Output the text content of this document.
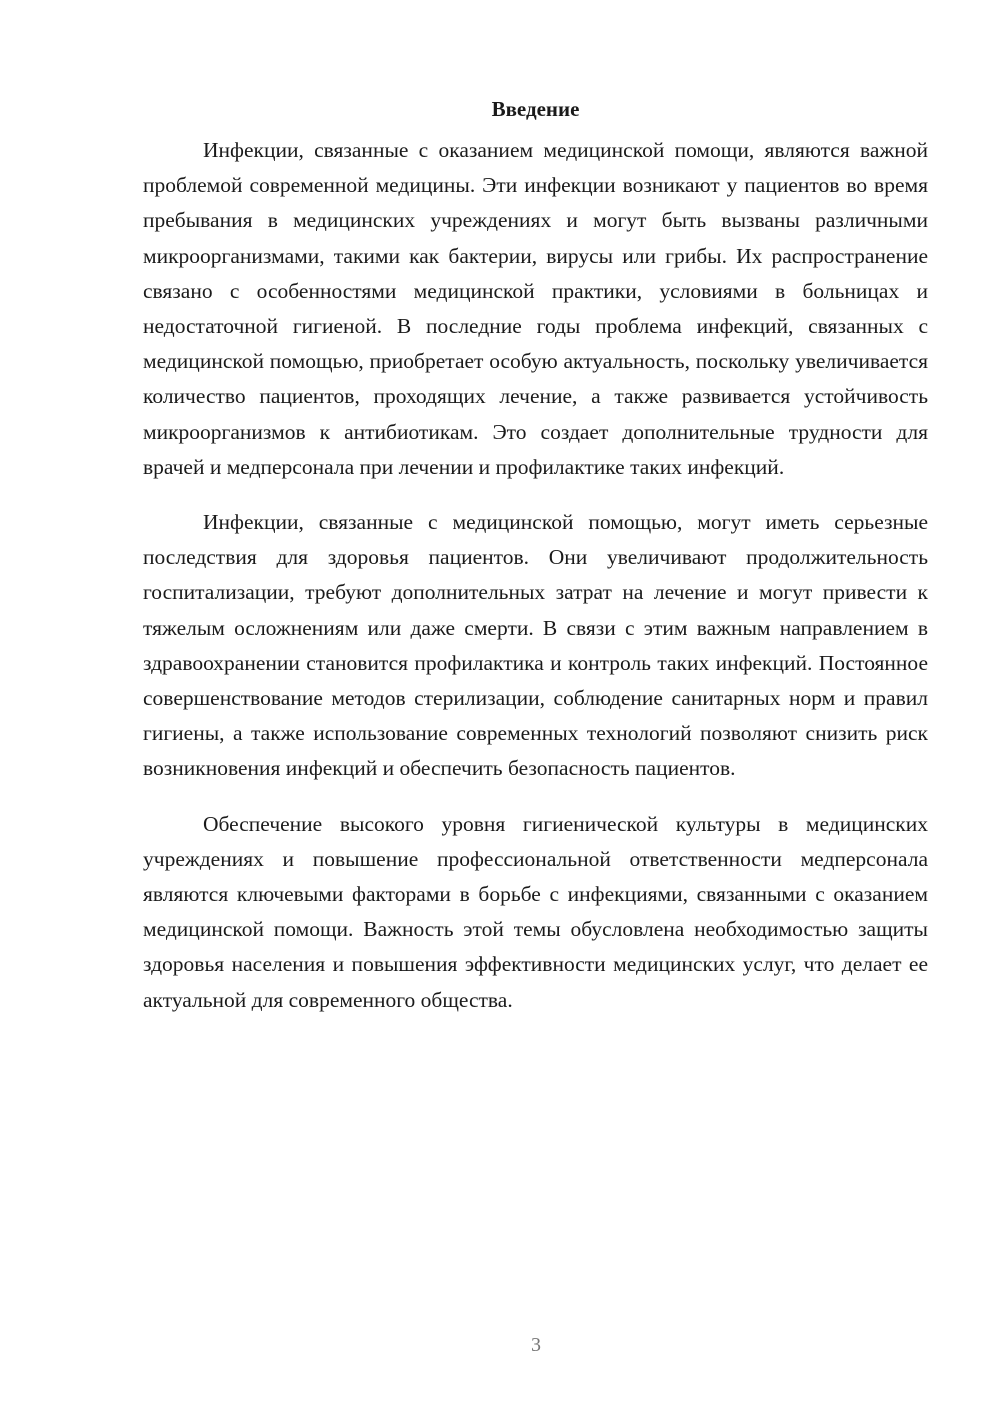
Введение

Инфекции, связанные с оказанием медицинской помощи, являются важной проблемой современной медицины. Эти инфекции возникают у пациентов во время пребывания в медицинских учреждениях и могут быть вызваны различными микроорганизмами, такими как бактерии, вирусы или грибы. Их распространение связано с особенностями медицинской практики, условиями в больницах и недостаточной гигиеной. В последние годы проблема инфекций, связанных с медицинской помощью, приобретает особую актуальность, поскольку увеличивается количество пациентов, проходящих лечение, а также развивается устойчивость микроорганизмов к антибиотикам. Это создает дополнительные трудности для врачей и медперсонала при лечении и профилактике таких инфекций.

Инфекции, связанные с медицинской помощью, могут иметь серьезные последствия для здоровья пациентов. Они увеличивают продолжительность госпитализации, требуют дополнительных затрат на лечение и могут привести к тяжелым осложнениям или даже смерти. В связи с этим важным направлением в здравоохранении становится профилактика и контроль таких инфекций. Постоянное совершенствование методов стерилизации, соблюдение санитарных норм и правил гигиены, а также использование современных технологий позволяют снизить риск возникновения инфекций и обеспечить безопасность пациентов.

Обеспечение высокого уровня гигиенической культуры в медицинских учреждениях и повышение профессиональной ответственности медперсонала являются ключевыми факторами в борьбе с инфекциями, связанными с оказанием медицинской помощи. Важность этой темы обусловлена необходимостью защиты здоровья населения и повышения эффективности медицинских услуг, что делает ее актуальной для современного общества.

3
